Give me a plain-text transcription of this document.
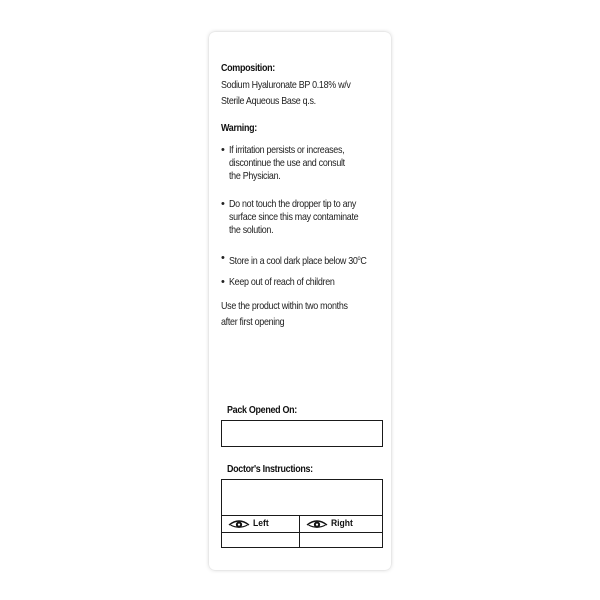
Composition:
Sodium Hyaluronate BP 0.18% w/v
Sterile Aqueous Base q.s.
Warning:
• If irritation persists or increases,
discontinue the use and consult
the Physician.
• Do not touch the dropper tip to any
surface since this may contaminate
the solution.
• Store in a cool dark place below 30$^o$C
• Keep out of reach of children
Use the product within two months
after first opening
Pack Opened On:
Doctor's Instructions:
Left	Right
